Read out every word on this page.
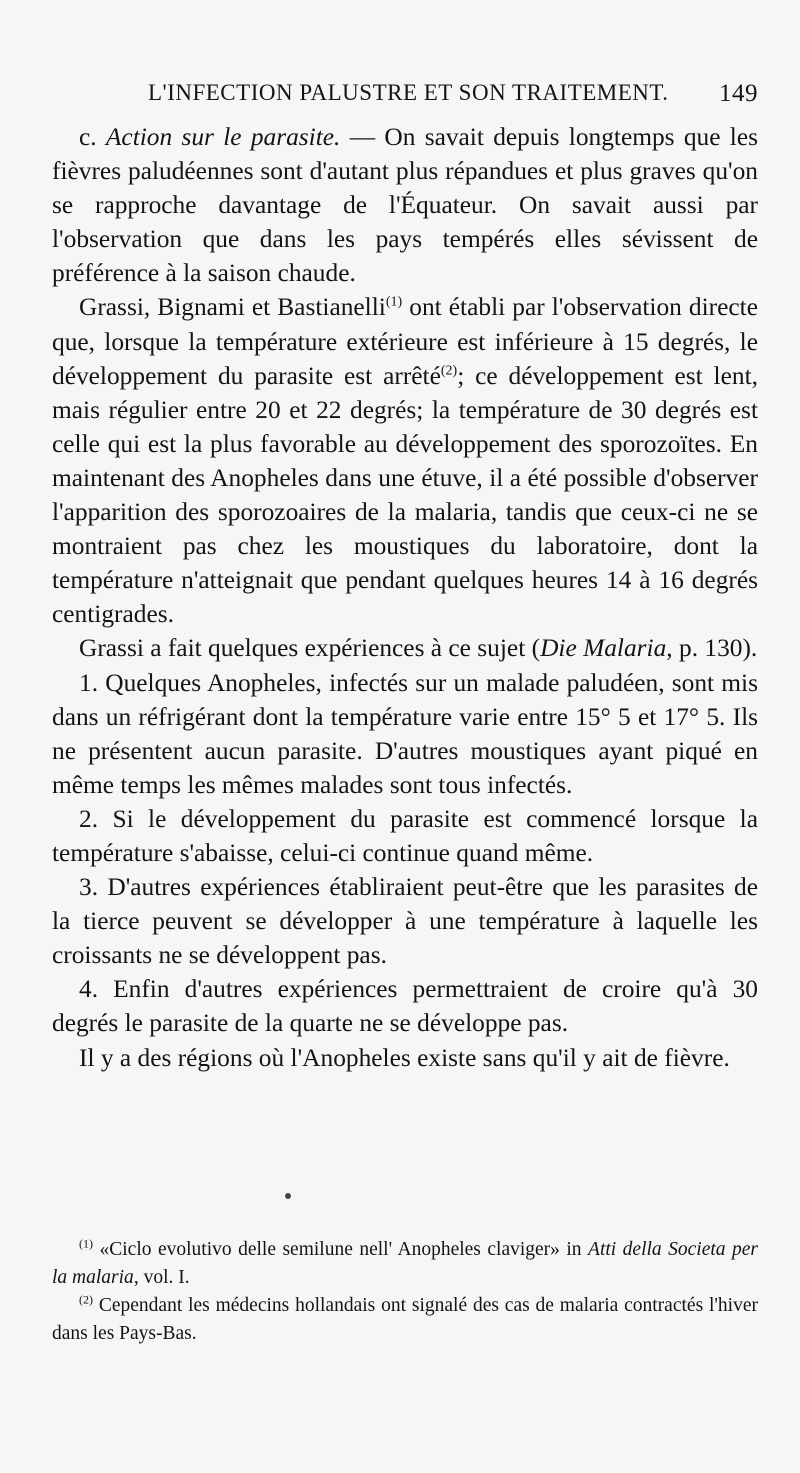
L'INFECTION PALUSTRE ET SON TRAITEMENT. 149

c. Action sur le parasite. — On savait depuis longtemps que les fièvres paludéennes sont d'autant plus répandues et plus graves qu'on se rapproche davantage de l'Équateur. On savait aussi par l'observation que dans les pays tempérés elles sévissent de préférence à la saison chaude.

Grassi, Bignami et Bastianelli$^{(1)}$ ont établi par l'observation directe que, lorsque la température extérieure est inférieure à 15 degrés, le développement du parasite est arrêté$^{(2)}$; ce développement est lent, mais régulier entre 20 et 22 degrés; la température de 30 degrés est celle qui est la plus favorable au développement des sporozoïtes. En maintenant des Anopheles dans une étuve, il a été possible d'observer l'apparition des sporozoaires de la malaria, tandis que ceux-ci ne se montraient pas chez les moustiques du laboratoire, dont la température n'atteignait que pendant quelques heures 14 à 16 degrés centigrades.

Grassi a fait quelques expériences à ce sujet (Die Malaria, p. 130).

1. Quelques Anopheles, infectés sur un malade paludéen, sont mis dans un réfrigérant dont la température varie entre 15° 5 et 17° 5. Ils ne présentent aucun parasite. D'autres moustiques ayant piqué en même temps les mêmes malades sont tous infectés.

2. Si le développement du parasite est commencé lorsque la température s'abaisse, celui-ci continue quand même.

3. D'autres expériences établiraient peut-être que les parasites de la tierce peuvent se développer à une température à laquelle les croissants ne se développent pas.

4. Enfin d'autres expériences permettraient de croire qu'à 30 degrés le parasite de la quarte ne se développe pas.

Il y a des régions où l'Anopheles existe sans qu'il y ait de fièvre.

$^{(1)}$ «Ciclo evolutivo delle semilune nell' Anopheles claviger» in Atti della Societa per la malaria, vol. I.

$^{(2)}$ Cependant les médecins hollandais ont signalé des cas de malaria contractés l'hiver dans les Pays-Bas.
